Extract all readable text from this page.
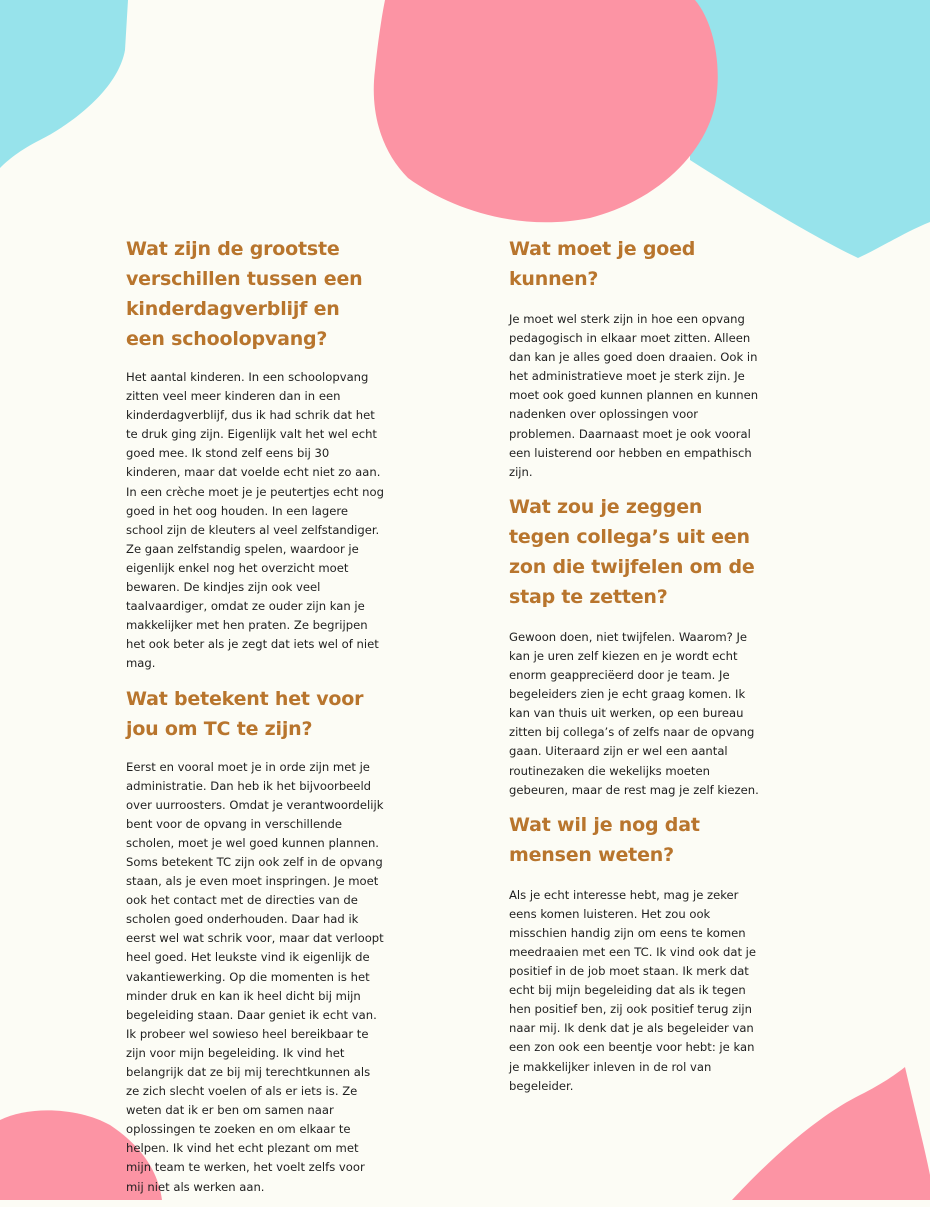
Wat zijn de grootste verschillen tussen een kinderdagverblijf en een schoolopvang?

Het aantal kinderen. In een schoolopvang zitten veel meer kinderen dan in een kinderdagverblijf, dus ik had schrik dat het te druk ging zijn. Eigenlijk valt het wel echt goed mee. Ik stond zelf eens bij 30 kinderen, maar dat voelde echt niet zo aan. In een crèche moet je je peutertjes echt nog goed in het oog houden. In een lagere school zijn de kleuters al veel zelfstandiger. Ze gaan zelfstandig spelen, waardoor je eigenlijk enkel nog het overzicht moet bewaren. De kindjes zijn ook veel taalvaardiger, omdat ze ouder zijn kan je makkelijker met hen praten. Ze begrijpen het ook beter als je zegt dat iets wel of niet mag.

Wat betekent het voor jou om TC te zijn?

Eerst en vooral moet je in orde zijn met je administratie. Dan heb ik het bijvoorbeeld over uurroosters. Omdat je verantwoordelijk bent voor de opvang in verschillende scholen, moet je wel goed kunnen plannen. Soms betekent TC zijn ook zelf in de opvang staan, als je even moet inspringen. Je moet ook het contact met de directies van de scholen goed onderhouden. Daar had ik eerst wel wat schrik voor, maar dat verloopt heel goed. Het leukste vind ik eigenlijk de vakantiewerking. Op die momenten is het minder druk en kan ik heel dicht bij mijn begeleiding staan. Daar geniet ik echt van. Ik probeer wel sowieso heel bereikbaar te zijn voor mijn begeleiding. Ik vind het belangrijk dat ze bij mij terechtkunnen als ze zich slecht voelen of als er iets is. Ze weten dat ik er ben om samen naar oplossingen te zoeken en om elkaar te helpen. Ik vind het echt plezant om met mijn team te werken, het voelt zelfs voor mij niet als werken aan.

Wat moet je goed kunnen?

Je moet wel sterk zijn in hoe een opvang pedagogisch in elkaar moet zitten. Alleen dan kan je alles goed doen draaien. Ook in het administratieve moet je sterk zijn. Je moet ook goed kunnen plannen en kunnen nadenken over oplossingen voor problemen. Daarnaast moet je ook vooral een luisterend oor hebben en empathisch zijn.

Wat zou je zeggen tegen collega’s uit een zon die twijfelen om de stap te zetten?

Gewoon doen, niet twijfelen. Waarom? Je kan je uren zelf kiezen en je wordt echt enorm geappreciëerd door je team. Je begeleiders zien je echt graag komen. Ik kan van thuis uit werken, op een bureau zitten bij collega’s of zelfs naar de opvang gaan. Uiteraard zijn er wel een aantal routinezaken die wekelijks moeten gebeuren, maar de rest mag je zelf kiezen.

Wat wil je nog dat mensen weten?

Als je echt interesse hebt, mag je zeker eens komen luisteren. Het zou ook misschien handig zijn om eens te komen meedraaien met een TC. Ik vind ook dat je positief in de job moet staan. Ik merk dat echt bij mijn begeleiding dat als ik tegen hen positief ben, zij ook positief terug zijn naar mij. Ik denk dat je als begeleider van een zon ook een beentje voor hebt: je kan je makkelijker inleven in de rol van begeleider.
